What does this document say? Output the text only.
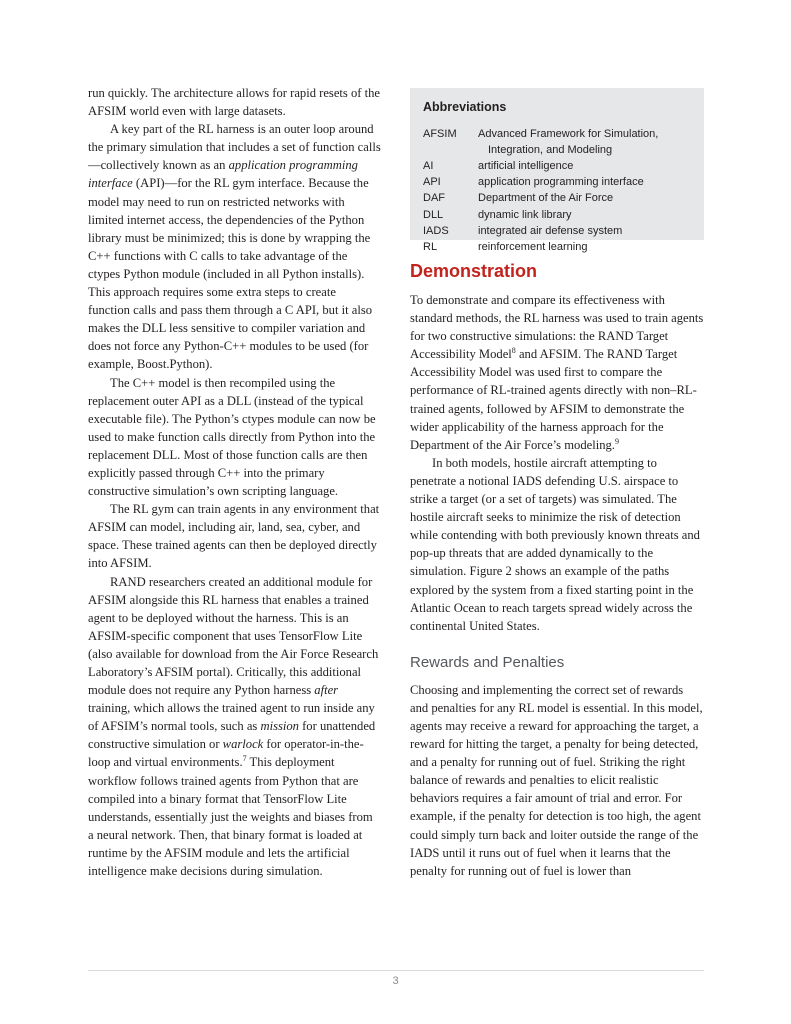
run quickly. The architecture allows for rapid resets of the AFSIM world even with large datasets.

A key part of the RL harness is an outer loop around the primary simulation that includes a set of function calls—collectively known as an application programming interface (API)—for the RL gym interface. Because the model may need to run on restricted networks with limited internet access, the dependencies of the Python library must be minimized; this is done by wrapping the C++ functions with C calls to take advantage of the ctypes Python module (included in all Python installs). This approach requires some extra steps to create function calls and pass them through a C API, but it also makes the DLL less sensitive to compiler variation and does not force any Python-C++ modules to be used (for example, Boost.Python).

The C++ model is then recompiled using the replacement outer API as a DLL (instead of the typical executable file). The Python’s ctypes module can now be used to make function calls directly from Python into the replacement DLL. Most of those function calls are then explicitly passed through C++ into the primary constructive simulation’s own scripting language.

The RL gym can train agents in any environment that AFSIM can model, including air, land, sea, cyber, and space. These trained agents can then be deployed directly into AFSIM.

RAND researchers created an additional module for AFSIM alongside this RL harness that enables a trained agent to be deployed without the harness. This is an AFSIM-specific component that uses TensorFlow Lite (also available for download from the Air Force Research Laboratory’s AFSIM portal). Critically, this additional module does not require any Python harness after training, which allows the trained agent to run inside any of AFSIM’s normal tools, such as mission for unattended constructive simulation or warlock for operator-in-the-loop and virtual environments.$^7$ This deployment workflow follows trained agents from Python that are compiled into a binary format that TensorFlow Lite understands, essentially just the weights and biases from a neural network. Then, that binary format is loaded at runtime by the AFSIM module and lets the artificial intelligence make decisions during simulation.

Abbreviations
AFSIM	Advanced Framework for Simulation,
Integration, and Modeling
AI	artificial intelligence
API	application programming interface
DAF	Department of the Air Force
DLL	dynamic link library
IADS	integrated air defense system
RL	reinforcement learning
Demonstration

To demonstrate and compare its effectiveness with standard methods, the RL harness was used to train agents for two constructive simulations: the RAND Target Accessibility Model$^8$ and AFSIM. The RAND Target Accessibility Model was used first to compare the performance of RL-trained agents directly with non–RL-trained agents, followed by AFSIM to demonstrate the wider applicability of the harness approach for the Department of the Air Force’s modeling.$^9$

In both models, hostile aircraft attempting to penetrate a notional IADS defending U.S. airspace to strike a target (or a set of targets) was simulated. The hostile aircraft seeks to minimize the risk of detection while contending with both previously known threats and pop-up threats that are added dynamically to the simulation. Figure 2 shows an example of the paths explored by the system from a fixed starting point in the Atlantic Ocean to reach targets spread widely across the continental United States.

Rewards and Penalties

Choosing and implementing the correct set of rewards and penalties for any RL model is essential. In this model, agents may receive a reward for approaching the target, a reward for hitting the target, a penalty for being detected, and a penalty for running out of fuel. Striking the right balance of rewards and penalties to elicit realistic behaviors requires a fair amount of trial and error. For example, if the penalty for detection is too high, the agent could simply turn back and loiter outside the range of the IADS until it runs out of fuel when it learns that the penalty for running out of fuel is lower than

3
